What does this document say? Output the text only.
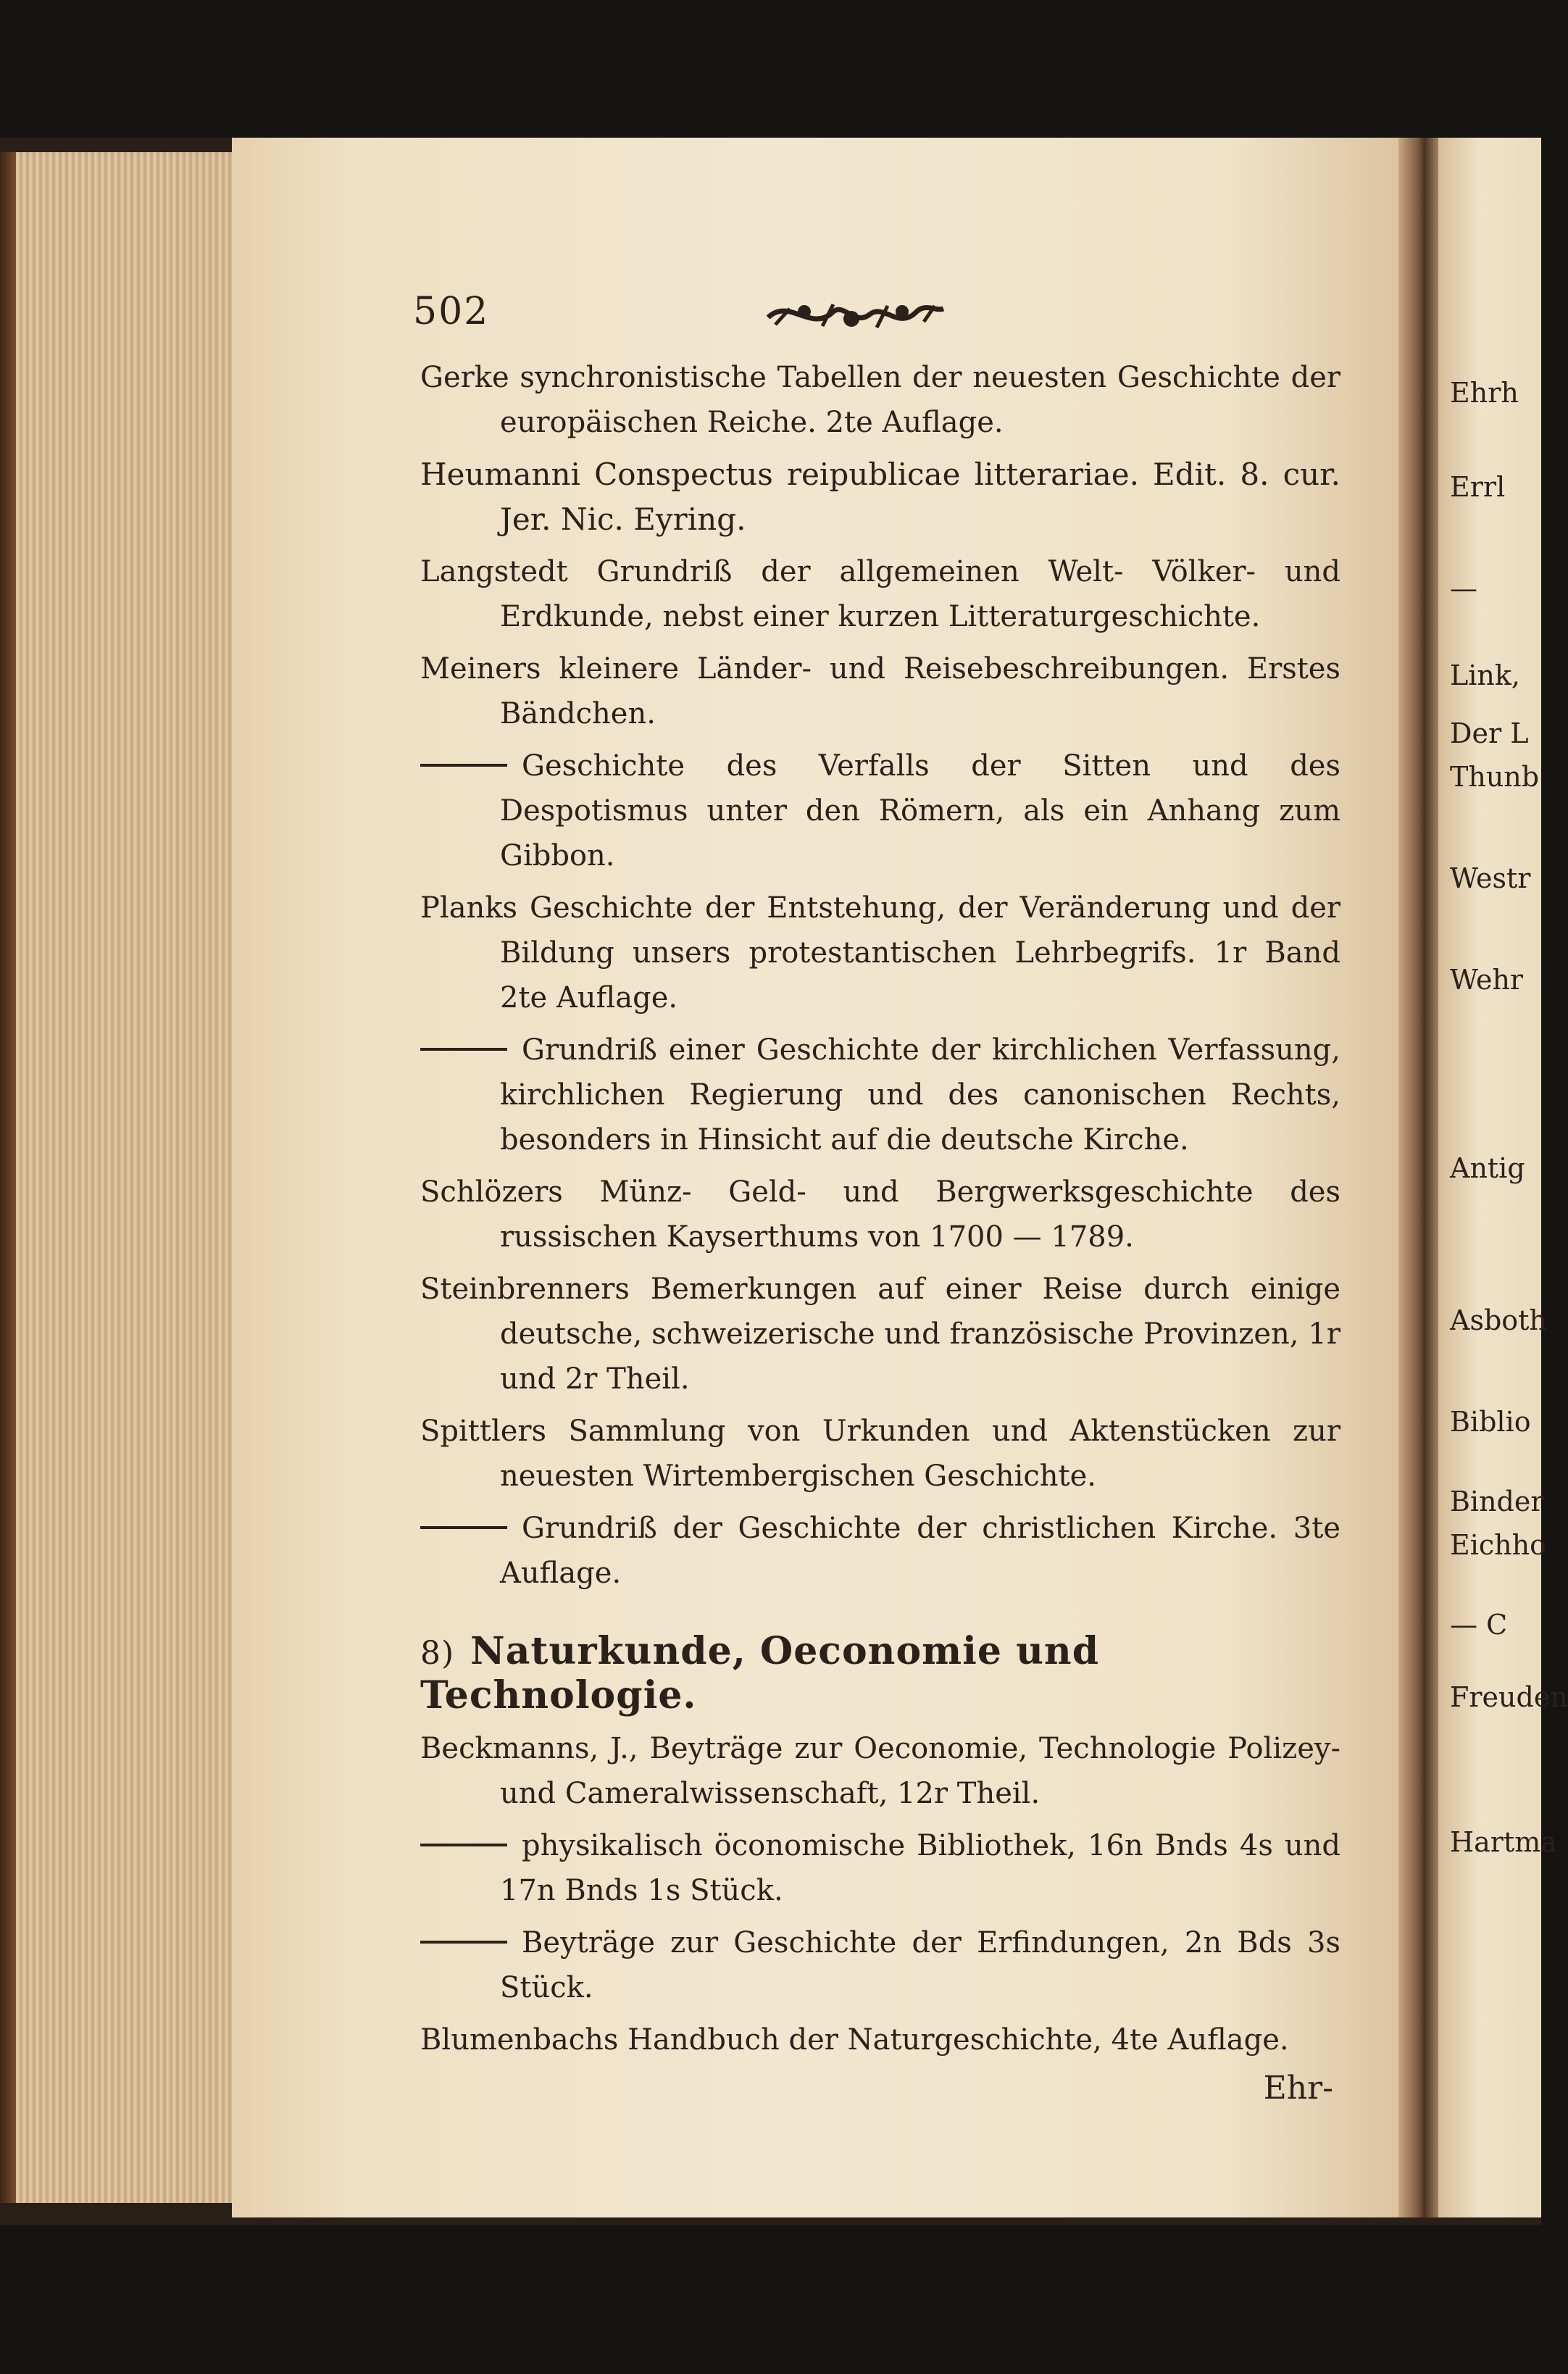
Ehrh
Errl
—
Link,
Der L
Thunb
Westr
Wehr
Antig
Asboth
Biblio
Binder
Eichho
— C
Freuden
Hartma
502

Gerke synchronistische Tabellen der neuesten Geschichte der europäischen Reiche. 2te Auflage.

Heumanni Conspectus reipublicae litterariae. Edit. 8. cur. Jer. Nic. Eyring.

Langstedt Grundriß der allgemeinen Welt- Völker- und Erdkunde, nebst einer kurzen Litteraturgeschichte.

Meiners kleinere Länder- und Reisebeschreibungen. Erstes Bändchen.

Geschichte des Verfalls der Sitten und des Despotismus unter den Römern, als ein Anhang zum Gibbon.

Planks Geschichte der Entstehung, der Veränderung und der Bildung unsers protestantischen Lehrbegrifs. 1r Band 2te Auflage.

Grundriß einer Geschichte der kirchlichen Verfassung, kirchlichen Regierung und des canonischen Rechts, besonders in Hinsicht auf die deutsche Kirche.

Schlözers Münz- Geld- und Bergwerksgeschichte des russischen Kayserthums von 1700 — 1789.

Steinbrenners Bemerkungen auf einer Reise durch einige deutsche, schweizerische und französische Provinzen, 1r und 2r Theil.

Spittlers Sammlung von Urkunden und Aktenstücken zur neuesten Wirtembergischen Geschichte.

Grundriß der Geschichte der christlichen Kirche. 3te Auflage.

8) Naturkunde, Oeconomie und Technologie.

Beckmanns, J., Beyträge zur Oeconomie, Technologie Polizey- und Cameralwissenschaft, 12r Theil.

physikalisch öconomische Bibliothek, 16n Bnds 4s und 17n Bnds 1s Stück.

Beyträge zur Geschichte der Erfindungen, 2n Bds 3s Stück.

Blumenbachs Handbuch der Naturgeschichte, 4te Auflage.

Ehr-
